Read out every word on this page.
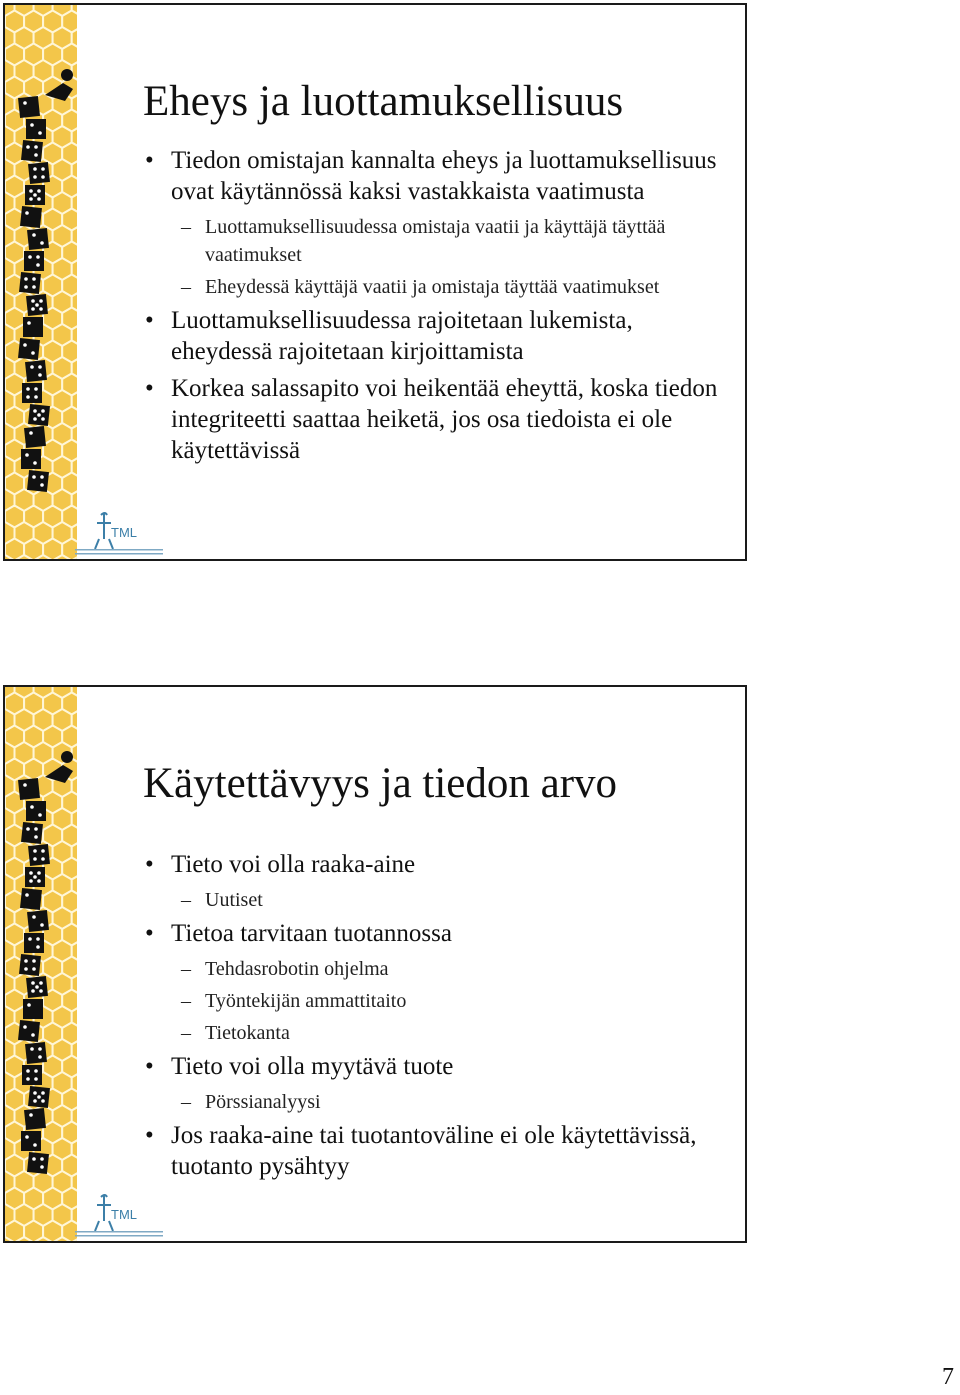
Eheys ja luottamuksellisuus
• Tiedon omistajan kannalta eheys ja luottamuksellisuus ovat käytännössä kaksi vastakkaista vaatimusta
– Luottamuksellisuudessa omistaja vaatii ja käyttäjä täyttää vaatimukset
– Eheydessä käyttäjä vaatii ja omistaja täyttää vaatimukset
• Luottamuksellisuudessa rajoitetaan lukemista, eheydessä rajoitetaan kirjoittamista
• Korkea salassapito voi heikentää eheyttä, koska tiedon integriteetti saattaa heiketä, jos osa tiedoista ei ole käytettävissä
TML
Käytettävyys ja tiedon arvo
• Tieto voi olla raaka-aine
– Uutiset
• Tietoa tarvitaan tuotannossa
– Tehdasrobotin ohjelma
– Työntekijän ammattitaito
– Tietokanta
• Tieto voi olla myytävä tuote
– Pörssianalyysi
• Jos raaka-aine tai tuotantoväline ei ole käytettävissä, tuotanto pysähtyy
TML
7
